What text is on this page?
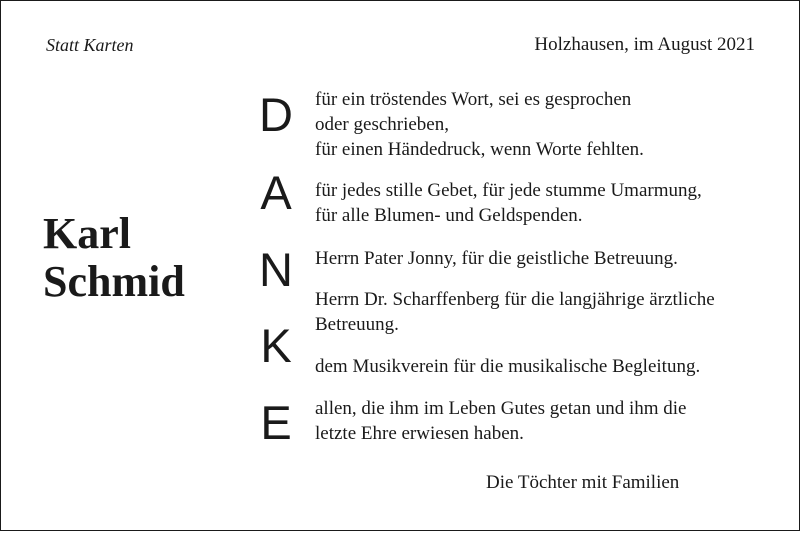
Statt Karten	Holzhausen, im August 2021
Karl
Schmid
D
A
N
K
E
für ein tröstendes Wort, sei es gesprochen
oder geschrieben,
für einen Händedruck, wenn Worte fehlten.
für jedes stille Gebet, für jede stumme Umarmung,
für alle Blumen- und Geldspenden.
Herrn Pater Jonny, für die geistliche Betreuung.
Herrn Dr. Scharffenberg für die langjährige ärztliche
Betreuung.
dem Musikverein für die musikalische Begleitung.
allen, die ihm im Leben Gutes getan und ihm die
letzte Ehre erwiesen haben.
Die Töchter mit Familien
